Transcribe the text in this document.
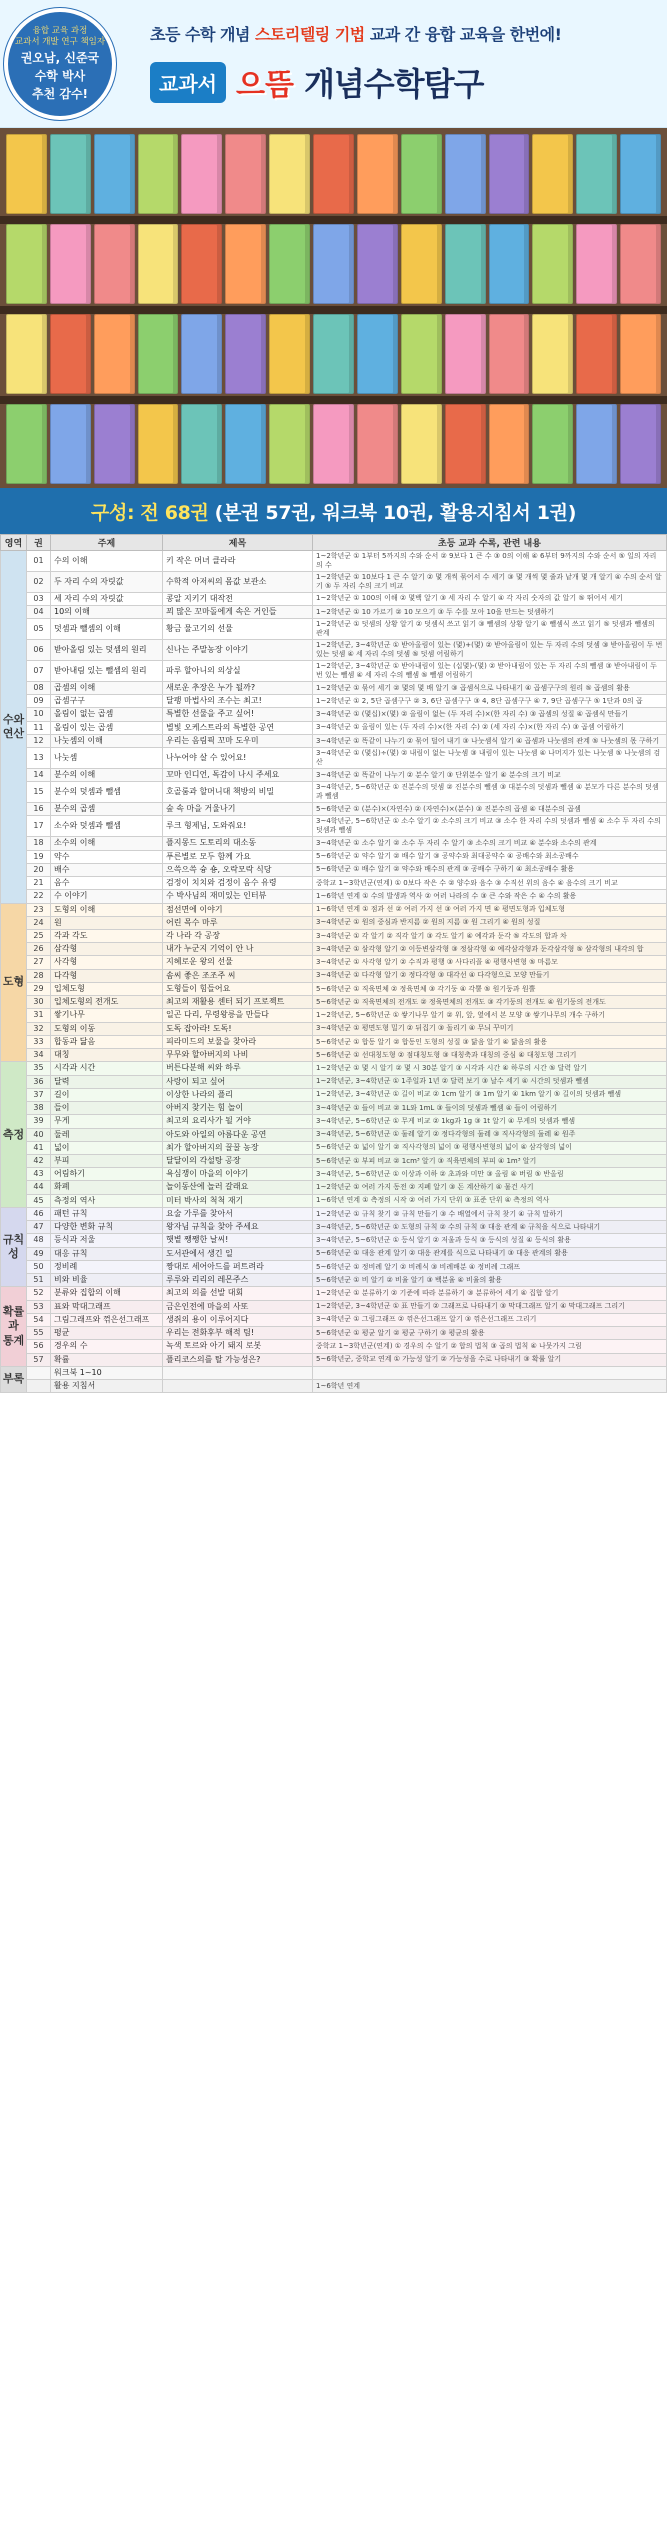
융합 교육 과정
교과서 개발 연구 책임자
권오남, 신준국
수학 박사
추천 감수!
초등 수학 개념 스토리텔링 기법 교과 간 융합 교육을 한번에!
교과서 으뜸 개념수학탐구
구성: 전 68권 (본권 57권, 워크북 10권, 활용지침서 1권)
영역	권	주제	제목	초등 교과 수록, 관련 내용
수와 연산	01	수의 이해	키 작은 머녀 클라라	1~2학년군 ① 1부터 5까지의 수와 순서 ② 9보다 1 큰 수 ③ 0의 이해 ④ 6부터 9까지의 수와 순서 ⑤ 일의 자리의 수
	02	두 자리 수의 자릿값	수학적 아저씨의 몸값 보관소	1~2학년군 ① 10보다 1 큰 수 알기 ② 몇 개씩 묶어서 수 세기 ③ 몇 개씩 몇 줄과 낱개 몇 개 알기 ④ 수의 순서 알기 ⑤ 두 자리 수의 크기 비교
	03	세 자리 수의 자릿값	콩알 지키기 대작전	1~2학년군 ① 100의 이해 ② 몇백 알기 ③ 세 자리 수 알기 ④ 각 자리 숫자의 값 알기 ⑤ 뛰어서 세기
	04	10의 이해	꾀 많은 꼬마돌에게 속은 거인들	1~2학년군 ① 10 가르기 ② 10 모으기 ③ 두 수를 모아 10을 만드는 덧셈하기
	05	덧셈과 뺄셈의 이해	황금 물고기의 선물	1~2학년군 ① 덧셈의 상황 알기 ② 덧셈식 쓰고 읽기 ③ 뺄셈의 상황 알기 ④ 뺄셈식 쓰고 읽기 ⑤ 덧셈과 뺄셈의 관계
	06	받아올림 있는 덧셈의 원리	신나는 주말농장 이야기	1~2학년군, 3~4학년군 ① 받아올림이 있는 (몇)+(몇) ② 받아올림이 있는 두 자리 수의 덧셈 ③ 받아올림이 두 번 있는 덧셈 ④ 세 자리 수의 덧셈 ⑤ 덧셈 어림하기
	07	받아내림 있는 뺄셈의 원리	파루 할아니의 의상실	1~2학년군, 3~4학년군 ① 받아내림이 있는 (십몇)-(몇) ② 받아내림이 있는 두 자리 수의 뺄셈 ③ 받아내림이 두 번 있는 뺄셈 ④ 세 자리 수의 뺄셈 ⑤ 뺄셈 어림하기
	08	곱셈의 이해	새로운 추장은 누가 될까?	1~2학년군 ① 묶어 세기 ② 몇의 몇 배 알기 ③ 곱셈식으로 나타내기 ④ 곱셈구구의 원리 ⑤ 곱셈의 활용
	09	곱셈구구	달팽 마법사의 조수는 최고!	1~2학년군 ① 2, 5단 곱셈구구 ② 3, 6단 곱셈구구 ③ 4, 8단 곱셈구구 ④ 7, 9단 곱셈구구 ⑤ 1단과 0의 곱
	10	올림이 없는 곱셈	특별한 선물을 주고 싶어!	3~4학년군 ① (몇십)×(몇) ② 올림이 없는 (두 자리 수)×(한 자리 수) ③ 곱셈의 성질 ④ 곱셈식 만들기
	11	올림이 있는 곱셈	별빛 오케스트라의 특별한 공연	3~4학년군 ① 올림이 있는 (두 자리 수)×(한 자리 수) ② (세 자리 수)×(한 자리 수) ③ 곱셈 어림하기
	12	나눗셈의 이해	우리는 음림픽 꼬마 도우미	3~4학년군 ① 똑같이 나누기 ② 묶어 덜어 내기 ③ 나눗셈식 알기 ④ 곱셈과 나눗셈의 관계 ⑤ 나눗셈의 몫 구하기
	13	나눗셈	나누어야 살 수 있어요!	3~4학년군 ① (몇십)÷(몇) ② 내림이 없는 나눗셈 ③ 내림이 있는 나눗셈 ④ 나머지가 있는 나눗셈 ⑤ 나눗셈의 검산
	14	분수의 이해	꼬마 인디언, 독감이 나시 주세요	3~4학년군 ① 똑같이 나누기 ② 분수 알기 ③ 단위분수 알기 ④ 분수의 크기 비교
	15	분수의 덧셈과 뺄셈	호골룸과 할머니대 책방의 비밀	3~4학년군, 5~6학년군 ① 진분수의 덧셈 ② 진분수의 뺄셈 ③ 대분수의 덧셈과 뺄셈 ④ 분모가 다른 분수의 덧셈과 뺄셈
	16	분수의 곱셈	숲 속 마을 거울나기	5~6학년군 ① (분수)×(자연수) ② (자연수)×(분수) ③ 진분수의 곱셈 ④ 대분수의 곱셈
	17	소수와 덧셈과 뺄셈	루크 형제님, 도와줘요!	3~4학년군, 5~6학년군 ① 소수 알기 ② 소수의 크기 비교 ③ 소수 한 자리 수의 덧셈과 뺄셈 ④ 소수 두 자리 수의 덧셈과 뺄셈
	18	소수의 이해	플지몽드 도토리의 대소동	3~4학년군 ① 소수 알기 ② 소수 두 자리 수 알기 ③ 소수의 크기 비교 ④ 분수와 소수의 관계
	19	약수	푸른별로 모두 함께 가요	5~6학년군 ① 약수 알기 ② 배수 알기 ③ 공약수와 최대공약수 ④ 공배수와 최소공배수
	20	배수	으쓱으쓱 슝 숑, 오락모락 식당	5~6학년군 ① 배수 알기 ② 약수와 배수의 관계 ③ 공배수 구하기 ④ 최소공배수 활용
	21	음수	검정이 치치와 검정이 음수 유령	중학교 1~3학년군(연계) ① 0보다 작은 수 ② 양수와 음수 ③ 수직선 위의 음수 ④ 음수의 크기 비교
	22	수 이야기	수 박사님의 재미있는 인터뷰	1~6학년 연계 ① 수의 발생과 역사 ② 여러 나라의 수 ③ 큰 수와 작은 수 ④ 수의 활용
도형	23	도형의 이해	점선면에 이야기	1~6학년 연계 ① 점과 선 ② 여러 가지 선 ③ 여러 가지 면 ④ 평면도형과 입체도형
	24	원	어린 목수 마루	3~4학년군 ① 원의 중심과 반지름 ② 원의 지름 ③ 원 그리기 ④ 원의 성질
	25	각과 각도	각 나라 각 공장	3~4학년군 ① 각 알기 ② 직각 알기 ③ 각도 알기 ④ 예각과 둔각 ⑤ 각도의 합과 차
	26	삼각형	내가 누군지 기억이 안 나	3~4학년군 ① 삼각형 알기 ② 이등변삼각형 ③ 정삼각형 ④ 예각삼각형과 둔각삼각형 ⑤ 삼각형의 내각의 합
	27	사각형	지혜로운 왕의 선물	3~4학년군 ① 사각형 알기 ② 수직과 평행 ③ 사다리꼴 ④ 평행사변형 ⑤ 마름모
	28	다각형	솜씨 좋은 조조주 씨	3~4학년군 ① 다각형 알기 ② 정다각형 ③ 대각선 ④ 다각형으로 모양 만들기
	29	입체도형	도형들이 힘들어요	5~6학년군 ① 직육면체 ② 정육면체 ③ 각기둥 ④ 각뿔 ⑤ 원기둥과 원뿔
	30	입체도형의 전개도	최고의 재활용 센터 되기 프로젝트	5~6학년군 ① 직육면체의 전개도 ② 정육면체의 전개도 ③ 각기둥의 전개도 ④ 원기둥의 전개도
	31	쌓기나무	일곤 다리, 무령왕릉을 만들다	1~2학년군, 5~6학년군 ① 쌓기나무 알기 ② 위, 앞, 옆에서 본 모양 ③ 쌓기나무의 개수 구하기
	32	도형의 이동	도독 잡아라! 도독!	3~4학년군 ① 평면도형 밀기 ② 뒤집기 ③ 돌리기 ④ 무늬 꾸미기
	33	합동과 닮음	피라미드의 보물을 찾아라	5~6학년군 ① 합동 알기 ② 합동인 도형의 성질 ③ 닮음 알기 ④ 닮음의 활용
	34	대칭	무무와 할아버지의 나비	5~6학년군 ① 선대칭도형 ② 점대칭도형 ③ 대칭축과 대칭의 중심 ④ 대칭도형 그리기
측정	35	시각과 시간	버튼다분해 씨와 하루	1~2학년군 ① 몇 시 알기 ② 몇 시 30분 알기 ③ 시각과 시간 ④ 하루의 시간 ⑤ 달력 알기
	36	달력	사랑이 되고 싶어	1~2학년군, 3~4학년군 ① 1주일과 1년 ② 달력 보기 ③ 날수 세기 ④ 시간의 덧셈과 뺄셈
	37	길이	이상한 나라의 플리	1~2학년군, 3~4학년군 ① 길이 비교 ② 1cm 알기 ③ 1m 알기 ④ 1km 알기 ⑤ 길이의 덧셈과 뺄셈
	38	들이	아버지 찾기는 힘 놀이	3~4학년군 ① 들이 비교 ② 1L와 1mL ③ 들이의 덧셈과 뺄셈 ④ 들이 어림하기
	39	무게	최고의 요리사가 될 거야	3~4학년군, 5~6학년군 ① 무게 비교 ② 1kg과 1g ③ 1t 알기 ④ 무게의 덧셈과 뺄셈
	40	둘레	아도와 아일의 아름다운 공연	3~4학년군, 5~6학년군 ① 둘레 알기 ② 정다각형의 둘레 ③ 직사각형의 둘레 ④ 원주
	41	넓이	최가 할아버지의 꿀꿀 농장	5~6학년군 ① 넓이 알기 ② 직사각형의 넓이 ③ 평행사변형의 넓이 ④ 삼각형의 넓이
	42	부피	달달이의 각설탕 공장	5~6학년군 ① 부피 비교 ② 1cm³ 알기 ③ 직육면체의 부피 ④ 1m³ 알기
	43	어림하기	욕심쟁이 마을의 이야기	3~4학년군, 5~6학년군 ① 이상과 이하 ② 초과와 미만 ③ 올림 ④ 버림 ⑤ 반올림
	44	화폐	놀이동산에 놀러 갈래요	1~2학년군 ① 여러 가지 동전 ② 지폐 알기 ③ 돈 계산하기 ④ 물건 사기
	45	측정의 역사	미터 박사의 척척 재기	1~6학년 연계 ① 측정의 시작 ② 여러 가지 단위 ③ 표준 단위 ④ 측정의 역사
규칙성	46	패턴 규칙	요술 가루를 찾아서	1~2학년군 ① 규칙 찾기 ② 규칙 만들기 ③ 수 배열에서 규칙 찾기 ④ 규칙 말하기
	47	다양한 변화 규칙	왕자님 규칙을 찾아 주세요	3~4학년군, 5~6학년군 ① 도형의 규칙 ② 수의 규칙 ③ 대응 관계 ④ 규칙을 식으로 나타내기
	48	등식과 저울	햇볕 쨍쨍한 날씨!	3~4학년군, 5~6학년군 ① 등식 알기 ② 저울과 등식 ③ 등식의 성질 ④ 등식의 활용
	49	대응 규칙	도서관에서 생긴 일	5~6학년군 ① 대응 관계 알기 ② 대응 관계를 식으로 나타내기 ③ 대응 관계의 활용
	50	정비례	짱대로 세어아드를 퍼트려라	5~6학년군 ① 정비례 알기 ② 비례식 ③ 비례배분 ④ 정비례 그래프
	51	비와 비율	루루와 리리의 레몬주스	5~6학년군 ① 비 알기 ② 비율 알기 ③ 백분율 ④ 비율의 활용
확률과 통계	52	분류와 집합의 이해	최고의 의를 선발 대회	1~2학년군 ① 분류하기 ② 기준에 따라 분류하기 ③ 분류하여 세기 ④ 집합 알기
	53	표와 막대그래프	금은인전에 마을의 사또	1~2학년군, 3~4학년군 ① 표 만들기 ② 그래프로 나타내기 ③ 막대그래프 알기 ④ 막대그래프 그리기
	54	그림그래프와 꺾은선그래프	생쥐의 용이 이루어지다	3~4학년군 ① 그림그래프 ② 꺾은선그래프 알기 ③ 꺾은선그래프 그리기
	55	평균	우리는 전화후부 해적 팀!	5~6학년군 ① 평균 알기 ② 평균 구하기 ③ 평균의 활용
	56	경우의 수	녹색 토르와 아기 돼지 로봇	중학교 1~3학년군(연계) ① 경우의 수 알기 ② 합의 법칙 ③ 곱의 법칙 ④ 나뭇가지 그림
	57	확률	플리코스의를 탈 가능성은?	5~6학년군, 중학교 연계 ① 가능성 알기 ② 가능성을 수로 나타내기 ③ 확률 알기
부록		워크북 1~10		
		활용 지침서		1~6학년 연계
